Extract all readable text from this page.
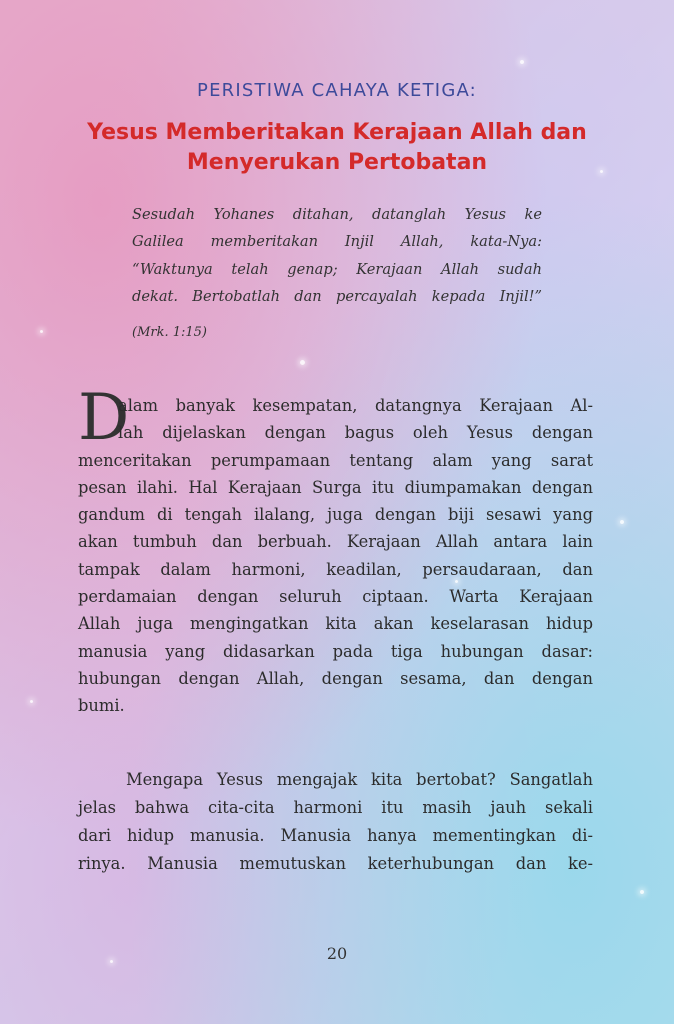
PERISTIWA CAHAYA KETIGA:
Yesus Memberitakan Kerajaan Allah dan
Menyerukan Pertobatan
Sesudah Yohanes ditahan, datanglah Yesus ke
Galilea memberitakan Injil Allah, kata-Nya:
“Waktunya telah genap; Kerajaan Allah sudah
dekat. Bertobatlah dan percayalah kepada Injil!”
(Mrk. 1:15)
D
alam banyak kesempatan, datangnya Kerajaan Al-
lah dijelaskan dengan bagus oleh Yesus dengan
menceritakan perumpamaan tentang alam yang sarat
pesan ilahi. Hal Kerajaan Surga itu diumpamakan dengan
gandum di tengah ilalang, juga dengan biji sesawi yang
akan tumbuh dan berbuah. Kerajaan Allah antara lain
tampak dalam harmoni, keadilan, persaudaraan, dan
perdamaian dengan seluruh ciptaan. Warta Kerajaan
Allah juga mengingatkan kita akan keselarasan hidup
manusia yang didasarkan pada tiga hubungan dasar:
hubungan dengan Allah, dengan sesama, dan dengan
bumi.
Mengapa Yesus mengajak kita bertobat? Sangatlah
jelas bahwa cita-cita harmoni itu masih jauh sekali
dari hidup manusia. Manusia hanya mementingkan di-
rinya. Manusia memutuskan keterhubungan dan ke-
20
